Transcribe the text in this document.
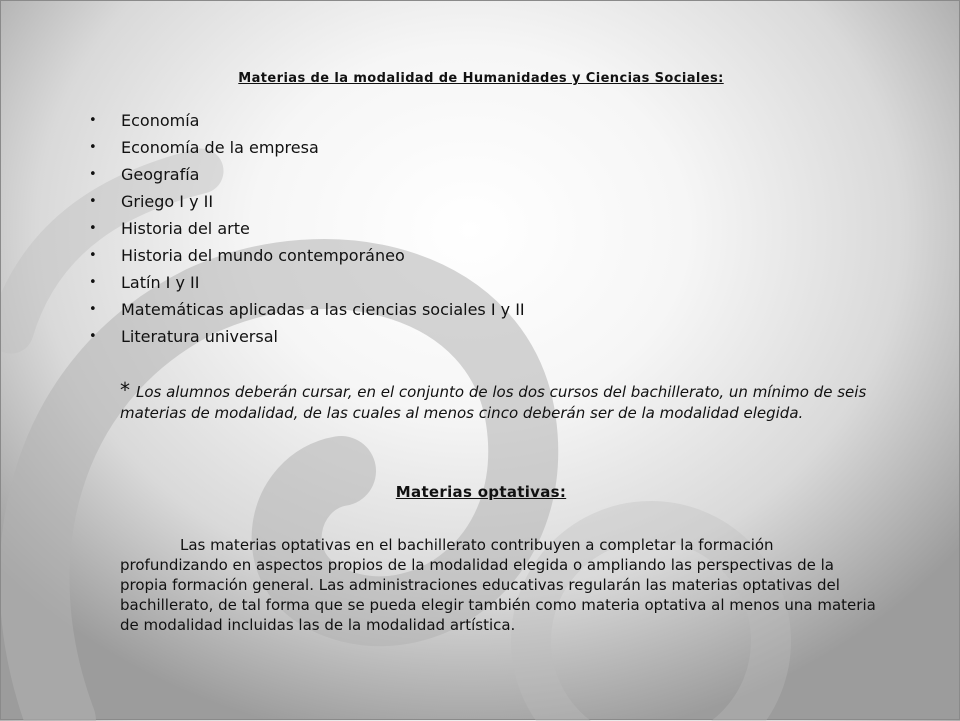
Materias de la modalidad de Humanidades y Ciencias Sociales:
• Economía
• Economía de la empresa
• Geografía
• Griego I y II
• Historia del arte
• Historia del mundo contemporáneo
• Latín I y II
• Matemáticas aplicadas a las ciencias sociales I y II
• Literatura universal
* Los alumnos deberán cursar, en el conjunto de los dos cursos del bachillerato, un mínimo de seis materias de modalidad, de las cuales al menos cinco deberán ser de la modalidad elegida.
Materias optativas:
Las materias optativas en el bachillerato contribuyen a completar la formación profundizando en aspectos propios de la modalidad elegida o ampliando las perspectivas de la propia formación general. Las administraciones educativas regularán las materias optativas del bachillerato, de tal forma que se pueda elegir también como materia optativa al menos una materia de modalidad incluidas las de la modalidad artística.
